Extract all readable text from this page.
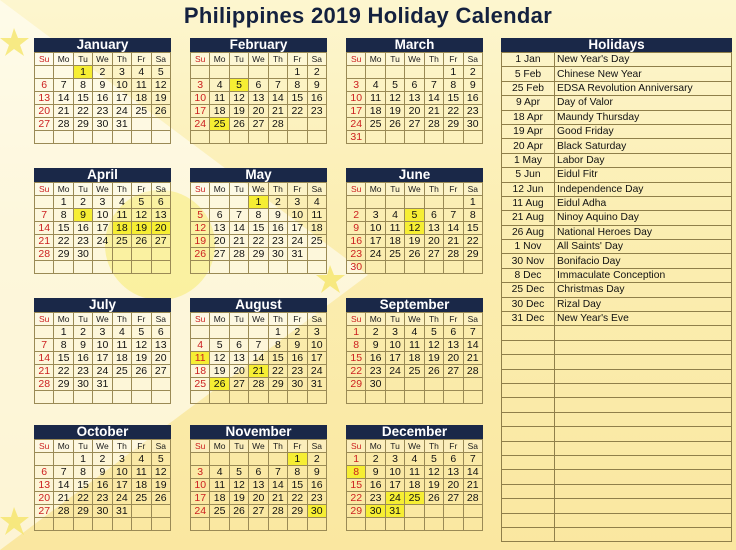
Philippines 2019 Holiday Calendar
January
Su	Mo	Tu	We	Th	Fr	Sa
		1	2	3	4	5
6	7	8	9	10	11	12
13	14	15	16	17	18	19
20	21	22	23	24	25	26
27	28	29	30	31		

February
Su	Mo	Tu	We	Th	Fr	Sa
					1	2
3	4	5	6	7	8	9
10	11	12	13	14	15	16
17	18	19	20	21	22	23
24	25	26	27	28		

March
Su	Mo	Tu	We	Th	Fr	Sa
					1	2
3	4	5	6	7	8	9
10	11	12	13	14	15	16
17	18	19	20	21	22	23
24	25	26	27	28	29	30
31						
April
Su	Mo	Tu	We	Th	Fr	Sa
	1	2	3	4	5	6
7	8	9	10	11	12	13
14	15	16	17	18	19	20
21	22	23	24	25	26	27
28	29	30				

May
Su	Mo	Tu	We	Th	Fr	Sa
			1	2	3	4
5	6	7	8	9	10	11
12	13	14	15	16	17	18
19	20	21	22	23	24	25
26	27	28	29	30	31	

June
Su	Mo	Tu	We	Th	Fr	Sa
						1
2	3	4	5	6	7	8
9	10	11	12	13	14	15
16	17	18	19	20	21	22
23	24	25	26	27	28	29
30						
July
Su	Mo	Tu	We	Th	Fr	Sa
	1	2	3	4	5	6
7	8	9	10	11	12	13
14	15	16	17	18	19	20
21	22	23	24	25	26	27
28	29	30	31			

August
Su	Mo	Tu	We	Th	Fr	Sa
				1	2	3
4	5	6	7	8	9	10
11	12	13	14	15	16	17
18	19	20	21	22	23	24
25	26	27	28	29	30	31

September
Su	Mo	Tu	We	Th	Fr	Sa
1	2	3	4	5	6	7
8	9	10	11	12	13	14
15	16	17	18	19	20	21
22	23	24	25	26	27	28
29	30					

October
Su	Mo	Tu	We	Th	Fr	Sa
		1	2	3	4	5
6	7	8	9	10	11	12
13	14	15	16	17	18	19
20	21	22	23	24	25	26
27	28	29	30	31		

November
Su	Mo	Tu	We	Th	Fr	Sa
					1	2
3	4	5	6	7	8	9
10	11	12	13	14	15	16
17	18	19	20	21	22	23
24	25	26	27	28	29	30

December
Su	Mo	Tu	We	Th	Fr	Sa
1	2	3	4	5	6	7
8	9	10	11	12	13	14
15	16	17	18	19	20	21
22	23	24	25	26	27	28
29	30	31				

Holidays
1 Jan	New Year's Day
5 Feb	Chinese New Year
25 Feb	EDSA Revolution Anniversary
9 Apr	Day of Valor
18 Apr	Maundy Thursday
19 Apr	Good Friday
20 Apr	Black Saturday
1 May	Labor Day
5 Jun	Eidul Fitr
12 Jun	Independence Day
11 Aug	Eidul Adha
21 Aug	Ninoy Aquino Day
26 Aug	National Heroes Day
1 Nov	All Saints' Day
30 Nov	Bonifacio Day
8 Dec	Immaculate Conception
25 Dec	Christmas Day
30 Dec	Rizal Day
31 Dec	New Year's Eve
